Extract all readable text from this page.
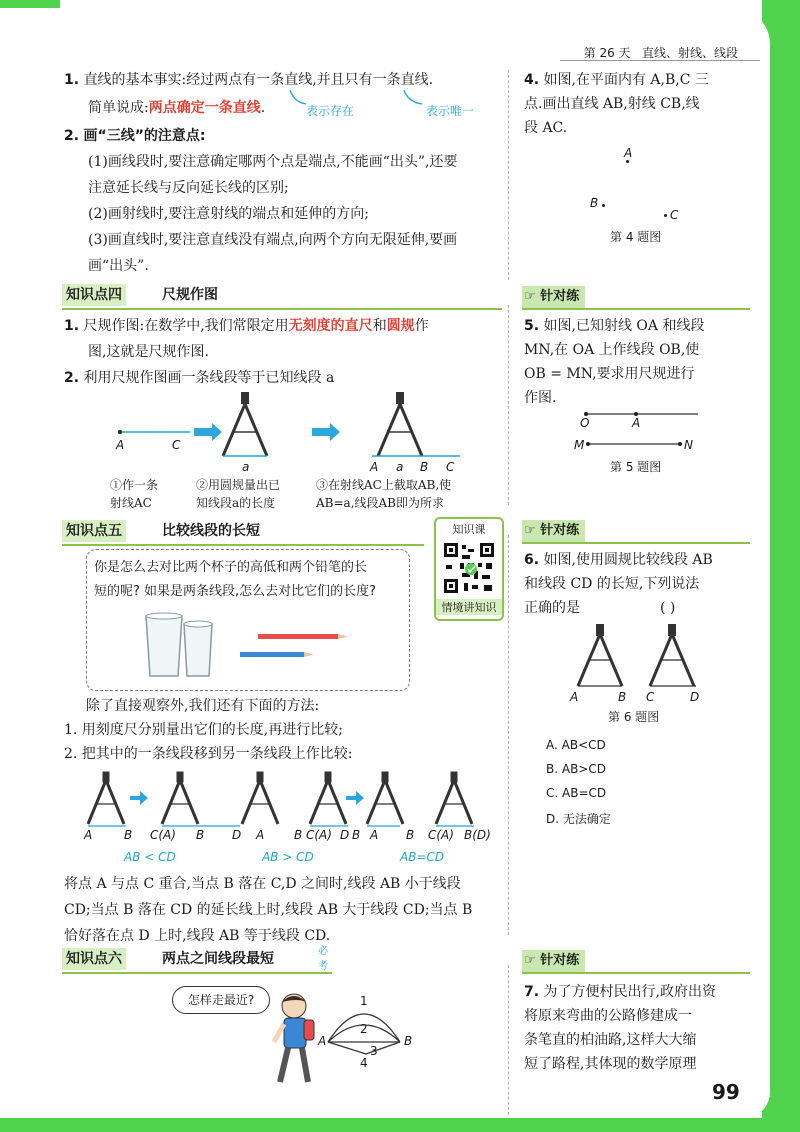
第 26 天 直线、射线、线段
1. 直线的基本事实:经过两点有一条直线,并且只有一条直线.
简单说成:两点确定一条直线.	表示存在	表示唯一
2. 画“三线”的注意点:
(1)画线段时,要注意确定哪两个点是端点,不能画“出头”,还要
注意延长线与反向延长线的区别;
(2)画射线时,要注意射线的端点和延伸的方向;
(3)画直线时,要注意直线没有端点,向两个方向无限延伸,要画
画“出头”.
知识点四	尺规作图
1. 尺规作图:在数学中,我们常限定用无刻度的直尺和圆规作
图,这就是尺规作图.
2. 利用尺规作图画一条线段等于已知线段 a
A	C
a	A a B C
①作一条
射线AC
②用圆规量出已
知线段a的长度
③在射线AC上截取AB,使
AB=a,线段AB即为所求
知识点五	比较线段的长短	知识课
情境讲知识
你是怎么去对比两个杯子的高低和两个铅笔的长
短的呢? 如果是两条线段,怎么去对比它们的长度?
除了直接观察外,我们还有下面的方法:
1. 用刻度尺分别量出它们的长度,再进行比较;
2. 把其中的一条线段移到另一条线段上作比较:
A	B C(A) B D A B C(A) D B A B C(A) B(D)
AB < CD	AB > CD	AB=CD
将点 A 与点 C 重合,当点 B 落在 C,D 之间时,线段 AB 小于线段
CD;当点 B 落在 CD 的延长线上时,线段 AB 大于线段 CD;当点 B
恰好落在点 D 上时,线段 AB 等于线段 CD.
知识点六	两点之间线段最短	必考
怎样走最近?
A	B
1
2
3
4
4. 如图,在平面内有 A,B,C 三
点.画出直线 AB,射线 CB,线
段 AC.
A
B
C
第 4 题图
☞ 针对练
5. 如图,已知射线 OA 和线段
MN,在 OA 上作线段 OB,使
OB = MN,要求用尺规进行
作图.
O	A
M	N
第 5 题图
☞ 针对练
6. 如图,使用圆规比较线段 AB
和线段 CD 的长短,下列说法
正确的是	( )
A	B C	D
第 6 题图
A. AB<CD
B. AB>CD
C. AB=CD
D. 无法确定
☞ 针对练
7. 为了方便村民出行,政府出资
将原来弯曲的公路修建成一
条笔直的柏油路,这样大大缩
短了路程,其体现的数学原理
99
